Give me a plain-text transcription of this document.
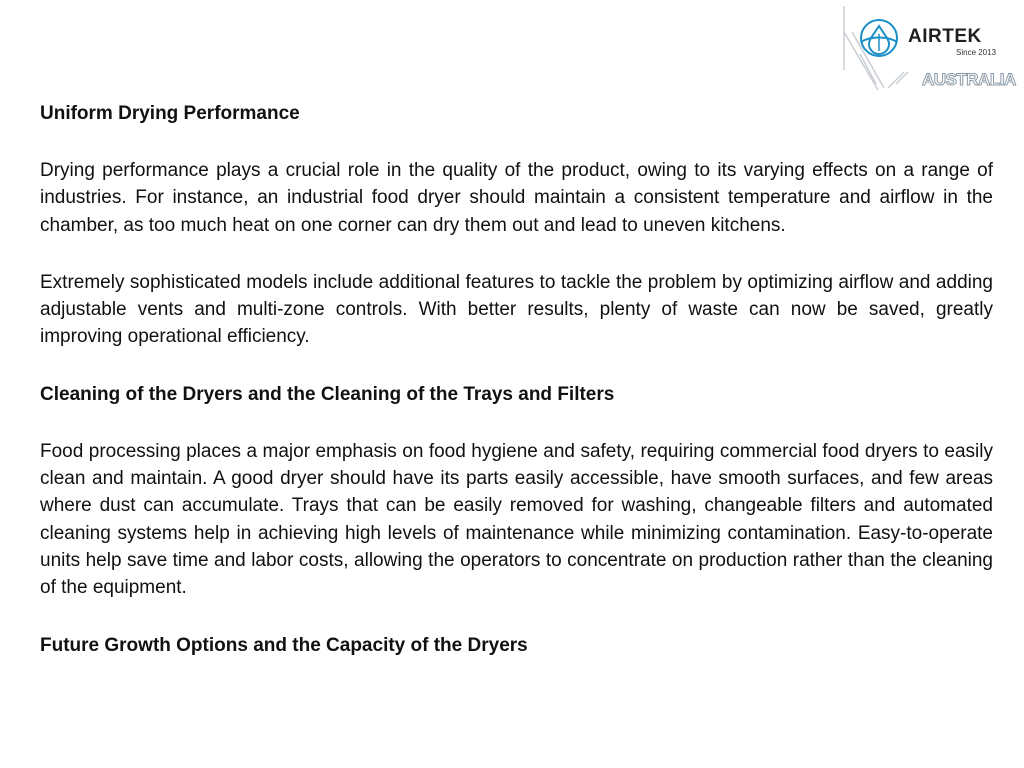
AIRTEK
Since 2013
AUSTRALIA
Uniform Drying Performance

Drying performance plays a crucial role in the quality of the product, owing to its varying effects on a range of industries. For instance, an industrial food dryer should maintain a consistent temperature and airflow in the chamber, as too much heat on one corner can dry them out and lead to uneven kitchens.

Extremely sophisticated models include additional features to tackle the problem by optimizing airflow and adding adjustable vents and multi-zone controls. With better results, plenty of waste can now be saved, greatly improving operational efficiency.

Cleaning of the Dryers and the Cleaning of the Trays and Filters

Food processing places a major emphasis on food hygiene and safety, requiring commercial food dryers to easily clean and maintain. A good dryer should have its parts easily accessible, have smooth surfaces, and few areas where dust can accumulate. Trays that can be easily removed for washing, changeable filters and automated cleaning systems help in achieving high levels of maintenance while minimizing contamination. Easy-to-operate units help save time and labor costs, allowing the operators to concentrate on production rather than the cleaning of the equipment.

Future Growth Options and the Capacity of the Dryers
